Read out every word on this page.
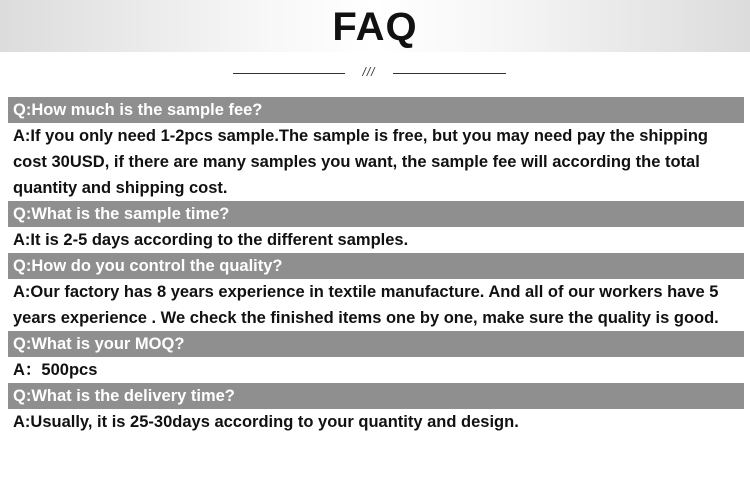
FAQ
///
Q:How much is the sample fee?
A:If you only need 1-2pcs sample.The sample is free, but you may need pay the shipping cost 30USD, if there are many samples you want, the sample fee will according the total quantity and shipping cost.
Q:What is the sample time?
A:It is 2-5 days according to the different samples.
Q:How do you control the quality?
A:Our factory has 8 years experience in textile manufacture. And all of our workers have 5 years experience . We check the finished items one by one, make sure the quality is good.
Q:What is your MOQ?
A：500pcs
Q:What is the delivery time?
A:Usually, it is 25-30days according to your quantity and design.
